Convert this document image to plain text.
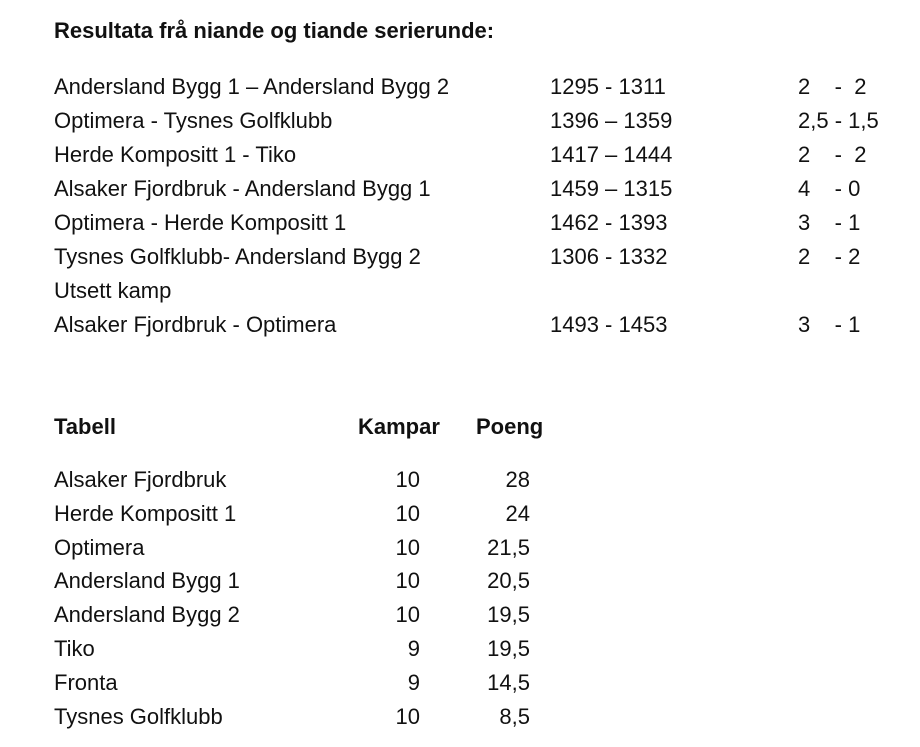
Resultata frå niande og tiande serierunde:
Andersland Bygg 1 – Andersland Bygg 2	1295 - 1311	2    -  2
Optimera - Tysnes Golfklubb	1396 – 1359	2,5 - 1,5
Herde Kompositt 1 - Tiko	1417 – 1444	2    -  2
Alsaker Fjordbruk - Andersland Bygg 1	1459 – 1315	4    - 0
Optimera - Herde Kompositt 1	1462 - 1393	3    - 1
Tysnes Golfklubb- Andersland Bygg 2	1306 - 1332	2    - 2
Utsett kamp
Alsaker Fjordbruk - Optimera	1493 - 1453	3    - 1
Tabell	Kampar Poeng
Alsaker Fjordbruk	10	28
Herde Kompositt 1	10	24
Optimera	10	21,5
Andersland Bygg 1	10	20,5
Andersland Bygg 2	10	19,5
Tiko	9	19,5
Fronta	9	14,5
Tysnes Golfklubb	10	8,5
